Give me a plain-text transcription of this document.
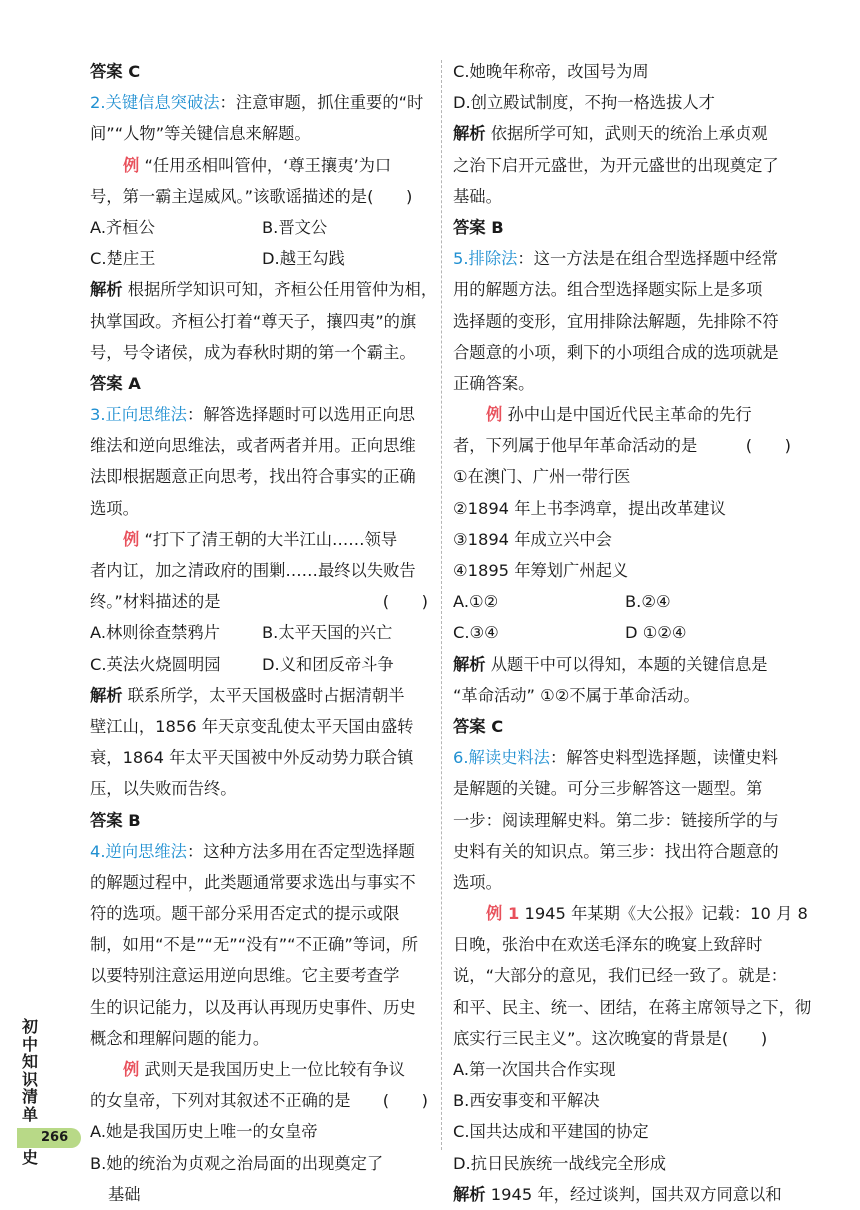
答案 C
2.关键信息突破法：注意审题，抓住重要的“时
间”“人物”等关键信息来解题。
例 “任用丞相叫管仲，‘尊王攘夷’为口
号，第一霸主逞威风。”该歌谣描述的是(　　)
A.齐桓公	B.晋文公
C.楚庄王	D.越王勾践
解析 根据所学知识可知，齐桓公任用管仲为相，
执掌国政。齐桓公打着“尊天子，攘四夷”的旗
号，号令诸侯，成为春秋时期的第一个霸主。
答案 A
3.正向思维法：解答选择题时可以选用正向思
维法和逆向思维法，或者两者并用。正向思维
法即根据题意正向思考，找出符合事实的正确
选项。
例 “打下了清王朝的大半江山……领导
者内讧，加之清政府的围剿……最终以失败告
终。”材料描述的是	(　　)
A.林则徐查禁鸦片	B.太平天国的兴亡
C.英法火烧圆明园	D.义和团反帝斗争
解析 联系所学，太平天国极盛时占据清朝半
壁江山，1856 年天京变乱使太平天国由盛转
衰，1864 年太平天国被中外反动势力联合镇
压，以失败而告终。
答案 B
4.逆向思维法：这种方法多用在否定型选择题
的解题过程中，此类题通常要求选出与事实不
符的选项。题干部分采用否定式的提示或限
制，如用“不是”“无”“没有”“不正确”等词，所
以要特别注意运用逆向思维。它主要考查学
生的识记能力，以及再认再现历史事件、历史
概念和理解问题的能力。
例 武则天是我国历史上一位比较有争议
的女皇帝，下列对其叙述不正确的是 (　　)
A.她是我国历史上唯一的女皇帝
B.她的统治为贞观之治局面的出现奠定了
基础
C.她晚年称帝，改国号为周
D.创立殿试制度，不拘一格选拔人才
解析 依据所学可知，武则天的统治上承贞观
之治下启开元盛世，为开元盛世的出现奠定了
基础。
答案 B
5.排除法：这一方法是在组合型选择题中经常
用的解题方法。组合型选择题实际上是多项
选择题的变形，宜用排除法解题，先排除不符
合题意的小项，剩下的小项组合成的选项就是
正确答案。
例 孙中山是中国近代民主革命的先行
者，下列属于他早年革命活动的是	(　　)
①在澳门、广州一带行医
②1894 年上书李鸿章，提出改革建议
③1894 年成立兴中会
④1895 年筹划广州起义
A.①②	B.②④
C.③④	D ①②④
解析 从题干中可以得知，本题的关键信息是
“革命活动” ①②不属于革命活动。
答案 C
6.解读史料法：解答史料型选择题，读懂史料
是解题的关键。可分三步解答这一题型。第
一步：阅读理解史料。第二步：链接所学的与
史料有关的知识点。第三步：找出符合题意的
选项。
例 1 1945 年某期《大公报》记载：10 月 8
日晚，张治中在欢送毛泽东的晚宴上致辞时
说，“大部分的意见，我们已经一致了。就是：
和平、民主、统一、团结，在蒋主席领导之下，彻
底实行三民主义”。这次晚宴的背景是(　　)
A.第一次国共合作实现
B.西安事变和平解决
C.国共达成和平建国的协定
D.抗日民族统一战线完全形成
解析 1945 年，经过谈判，国共双方同意以和
初
中
知
识
清
单
史
266
